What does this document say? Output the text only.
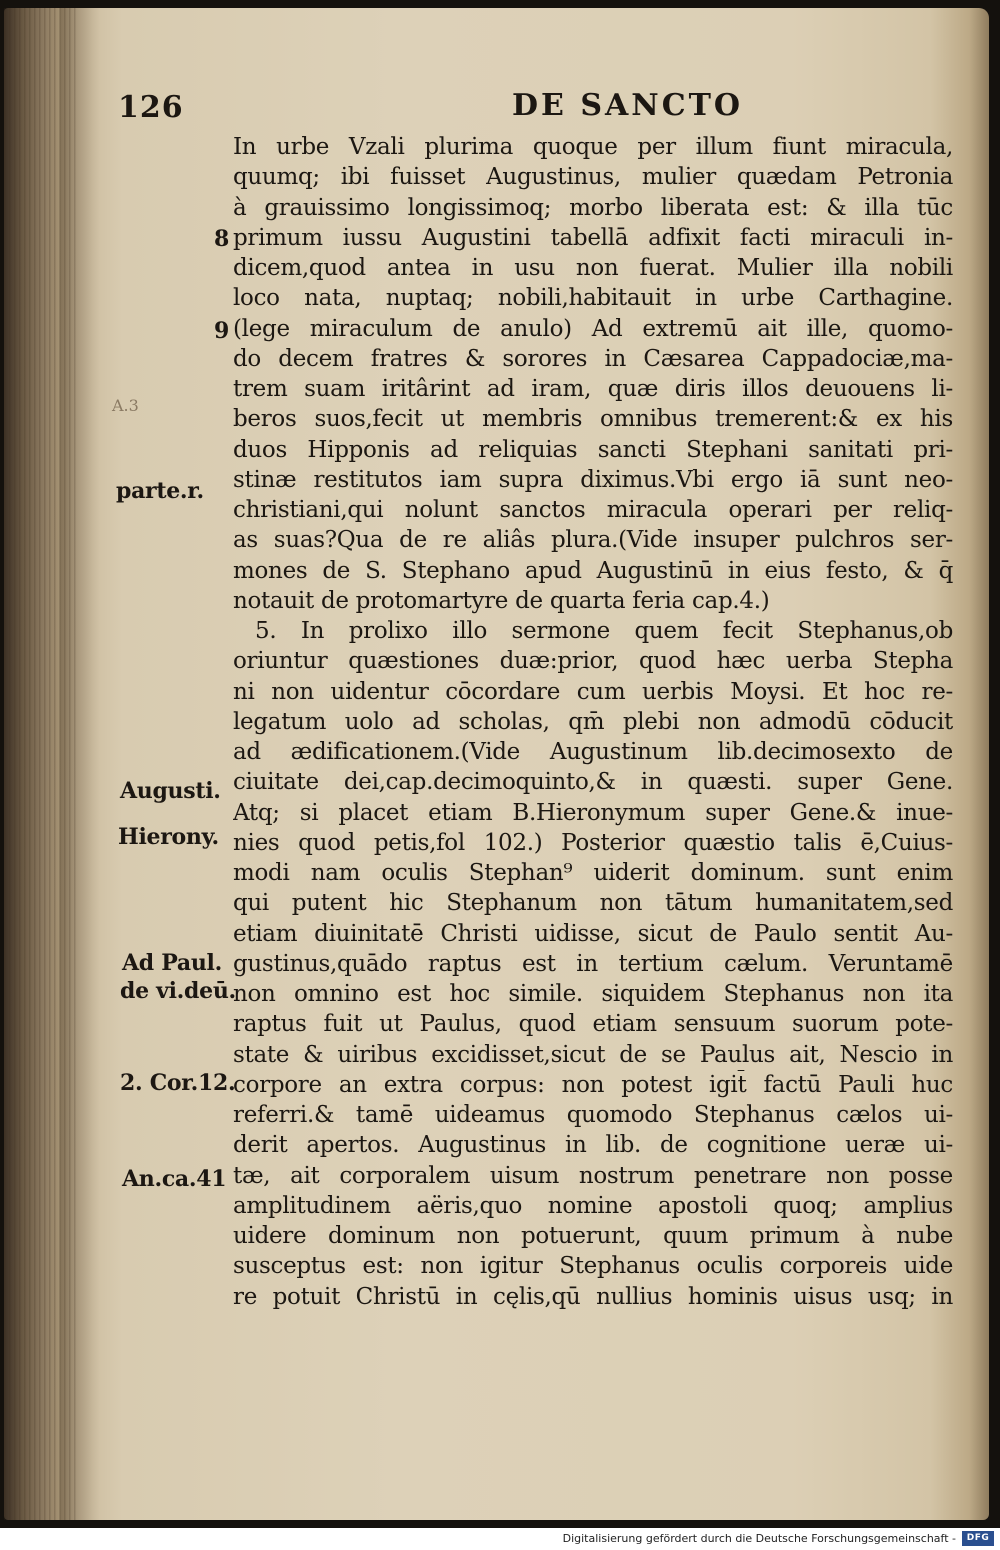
126	DE SANCTO
A.3
8
9
parte.r.
Augusti.
Hierony.
Ad Paul.
de vi.deū.
2. Cor.12.
An.ca.41
In urbe Vzali plurima quoque per illum fiunt miracula,
quumq; ibi fuisset Augustinus, mulier quædam Petronia
à grauissimo longissimoq; morbo liberata est: & illa tūc
primum iussu Augustini tabellā adfixit facti miraculi in-
dicem,quod antea in usu non fuerat. Mulier illa nobili
loco nata, nuptaq; nobili,habitauit in urbe Carthagine.
(lege miraculum de anulo) Ad extremū ait ille, quomo-
do decem fratres & sorores in Cæsarea Cappadociæ,ma-
trem suam iritârint ad iram, quæ diris illos deuouens li-
beros suos,fecit ut membris omnibus tremerent:& ex his
duos Hipponis ad reliquias sancti Stephani sanitati pri-
stinæ restitutos iam supra diximus.Vbi ergo iā sunt neo-
christiani,qui nolunt sanctos miracula operari per reliq-
as suas?Qua de re aliâs plura.(Vide insuper pulchros ser-
mones de S. Stephano apud Augustinū in eius festo, & q̄
notauit de protomartyre de quarta feria cap.4.)
5. In prolixo illo sermone quem fecit Stephanus,ob
oriuntur quæstiones duæ:prior, quod hæc uerba Stepha
ni non uidentur cōcordare cum uerbis Moysi. Et hoc re-
legatum uolo ad scholas, qm̄ plebi non admodū cōducit
ad ædificationem.(Vide Augustinum lib.decimosexto de
ciuitate dei,cap.decimoquinto,& in quæsti. super Gene.
Atq; si placet etiam B.Hieronymum super Gene.& inue-
nies quod petis,fol 102.) Posterior quæstio talis ē,Cuius-
modi nam oculis Stephan⁹ uiderit dominum. sunt enim
qui putent hic Stephanum non tātum humanitatem,sed
etiam diuinitatē Christi uidisse, sicut de Paulo sentit Au-
gustinus,quādo raptus est in tertium cælum. Veruntamē
non omnino est hoc simile. siquidem Stephanus non ita
raptus fuit ut Paulus, quod etiam sensuum suorum pote-
state & uiribus excidisset,sicut de se Paulus ait, Nescio in
corpore an extra corpus: non potest igit̄ factū Pauli huc
referri.& tamē uideamus quomodo Stephanus cælos ui-
derit apertos. Augustinus in lib. de cognitione ueræ ui-
tæ, ait corporalem uisum nostrum penetrare non posse
amplitudinem aëris,quo nomine apostoli quoq; amplius
uidere dominum non potuerunt, quum primum à nube
susceptus est: non igitur Stephanus oculis corporeis uide
re potuit Christū in cęlis,qū nullius hominis uisus usq; in
Digitalisierung gefördert durch die Deutsche Forschungsgemeinschaft -	DFG
